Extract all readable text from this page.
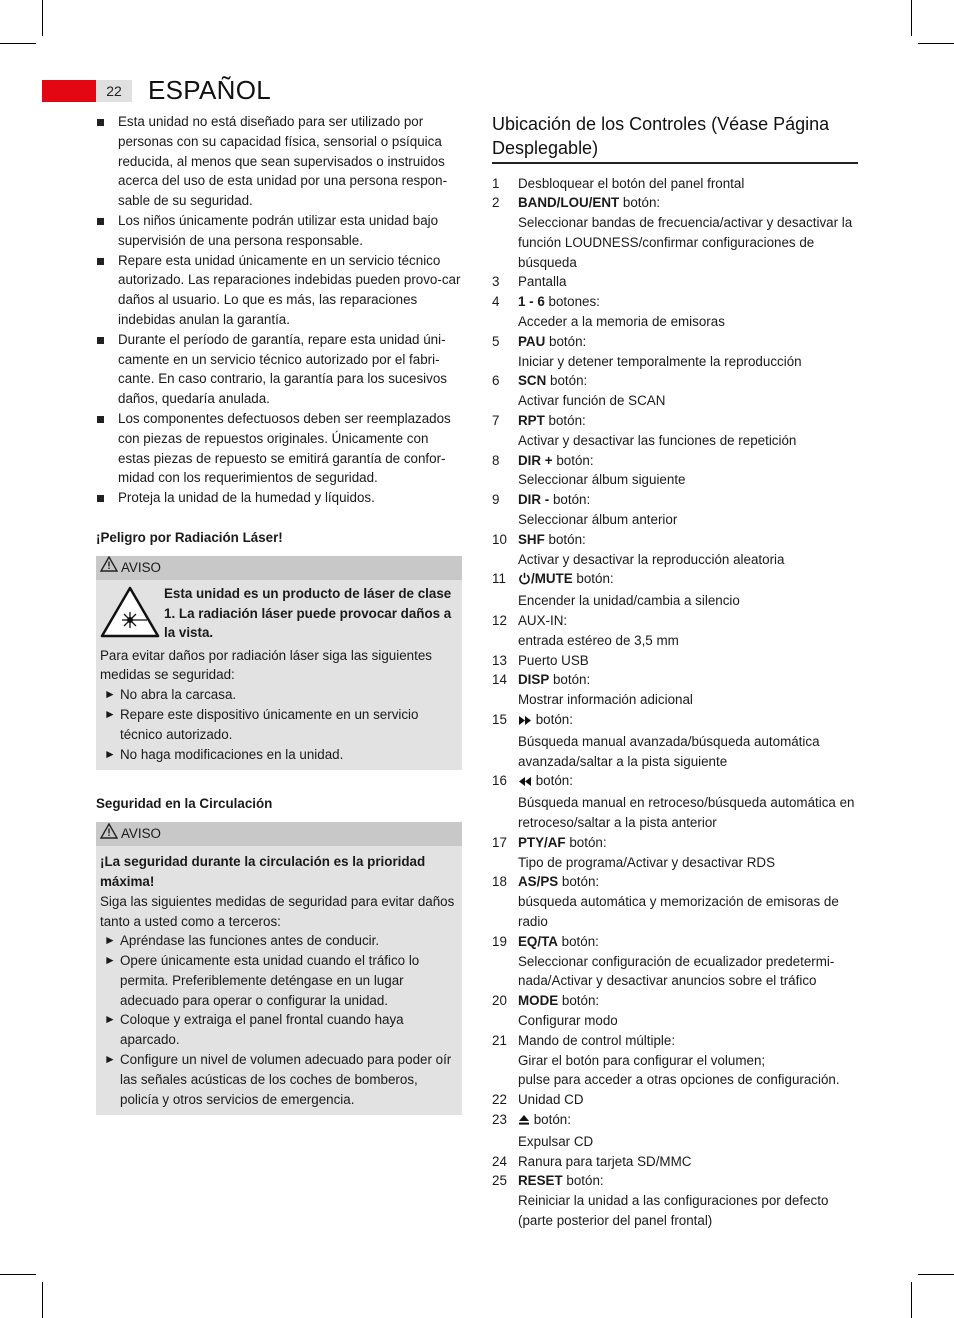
22	ESPAÑOL
Esta unidad no está diseñado para ser utilizado por personas con su capacidad física, sensorial o psíquica reducida, al menos que sean supervisados o instruidos acerca del uso de esta unidad por una persona respon-sable de su seguridad.
Los niños únicamente podrán utilizar esta unidad bajo supervisión de una persona responsable.
Repare esta unidad únicamente en un servicio técnico autorizado. Las reparaciones indebidas pueden provo-car daños al usuario. Lo que es más, las reparaciones indebidas anulan la garantía.
Durante el período de garantía, repare esta unidad úni-camente en un servicio técnico autorizado por el fabri-cante. En caso contrario, la garantía para los sucesivos daños, quedaría anulada.
Los componentes defectuosos deben ser reemplazados con piezas de repuestos originales. Únicamente con estas piezas de repuesto se emitirá garantía de confor-midad con los requerimientos de seguridad.
Proteja la unidad de la humedad y líquidos.

¡Peligro por Radiación Láser!

AVISO
Esta unidad es un producto de láser de clase 1. La radiación láser puede provocar daños a la vista.
Para evitar daños por radiación láser siga las siguientes medidas se seguridad:
► No abra la carcasa.
► Repare este dispositivo únicamente en un servicio técnico autorizado.
► No haga modificaciones en la unidad.

Seguridad en la Circulación

AVISO
¡La seguridad durante la circulación es la prioridad máxima!
Siga las siguientes medidas de seguridad para evitar daños tanto a usted como a terceros:
► Apréndase las funciones antes de conducir.
► Opere únicamente esta unidad cuando el tráfico lo permita. Preferiblemente deténgase en un lugar adecuado para operar o configurar la unidad.
► Coloque y extraiga el panel frontal cuando haya aparcado.
► Configure un nivel de volumen adecuado para poder oír las señales acústicas de los coches de bomberos, policía y otros servicios de emergencia.

Ubicación de los Controles (Véase Página Desplegable)

1	Desbloquear el botón del panel frontal
2	BAND/LOU/ENT botón:
Seleccionar bandas de frecuencia/activar y desactivar la función LOUDNESS/confirmar configuraciones de búsqueda
3	Pantalla
4	1 - 6 botones:
Acceder a la memoria de emisoras
5	PAU botón:
Iniciar y detener temporalmente la reproducción
6	SCN botón:
Activar función de SCAN
7	RPT botón:
Activar y desactivar las funciones de repetición
8	DIR + botón:
Seleccionar álbum siguiente
9	DIR - botón:
Seleccionar álbum anterior
10 SHF botón:
Activar y desactivar la reproducción aleatoria
11	/MUTE botón:
Encender la unidad/cambia a silencio
12 AUX-IN:
entrada estéreo de 3,5 mm
13 Puerto USB
14 DISP botón:
Mostrar información adicional
15	botón:
Búsqueda manual avanzada/búsqueda automática avanzada/saltar a la pista siguiente
16	botón:
Búsqueda manual en retroceso/búsqueda automática en retroceso/saltar a la pista anterior
17 PTY/AF botón:
Tipo de programa/Activar y desactivar RDS
18 AS/PS botón:
búsqueda automática y memorización de emisoras de radio
19 EQ/TA botón:
Seleccionar configuración de ecualizador predetermi-nada/Activar y desactivar anuncios sobre el tráfico
20 MODE botón:
Configurar modo
21 Mando de control múltiple:
Girar el botón para configurar el volumen;
pulse para acceder a otras opciones de configuración.
22 Unidad CD
23	botón:
Expulsar CD
24 Ranura para tarjeta SD/MMC
25 RESET botón:
Reiniciar la unidad a las configuraciones por defecto (parte posterior del panel frontal)
